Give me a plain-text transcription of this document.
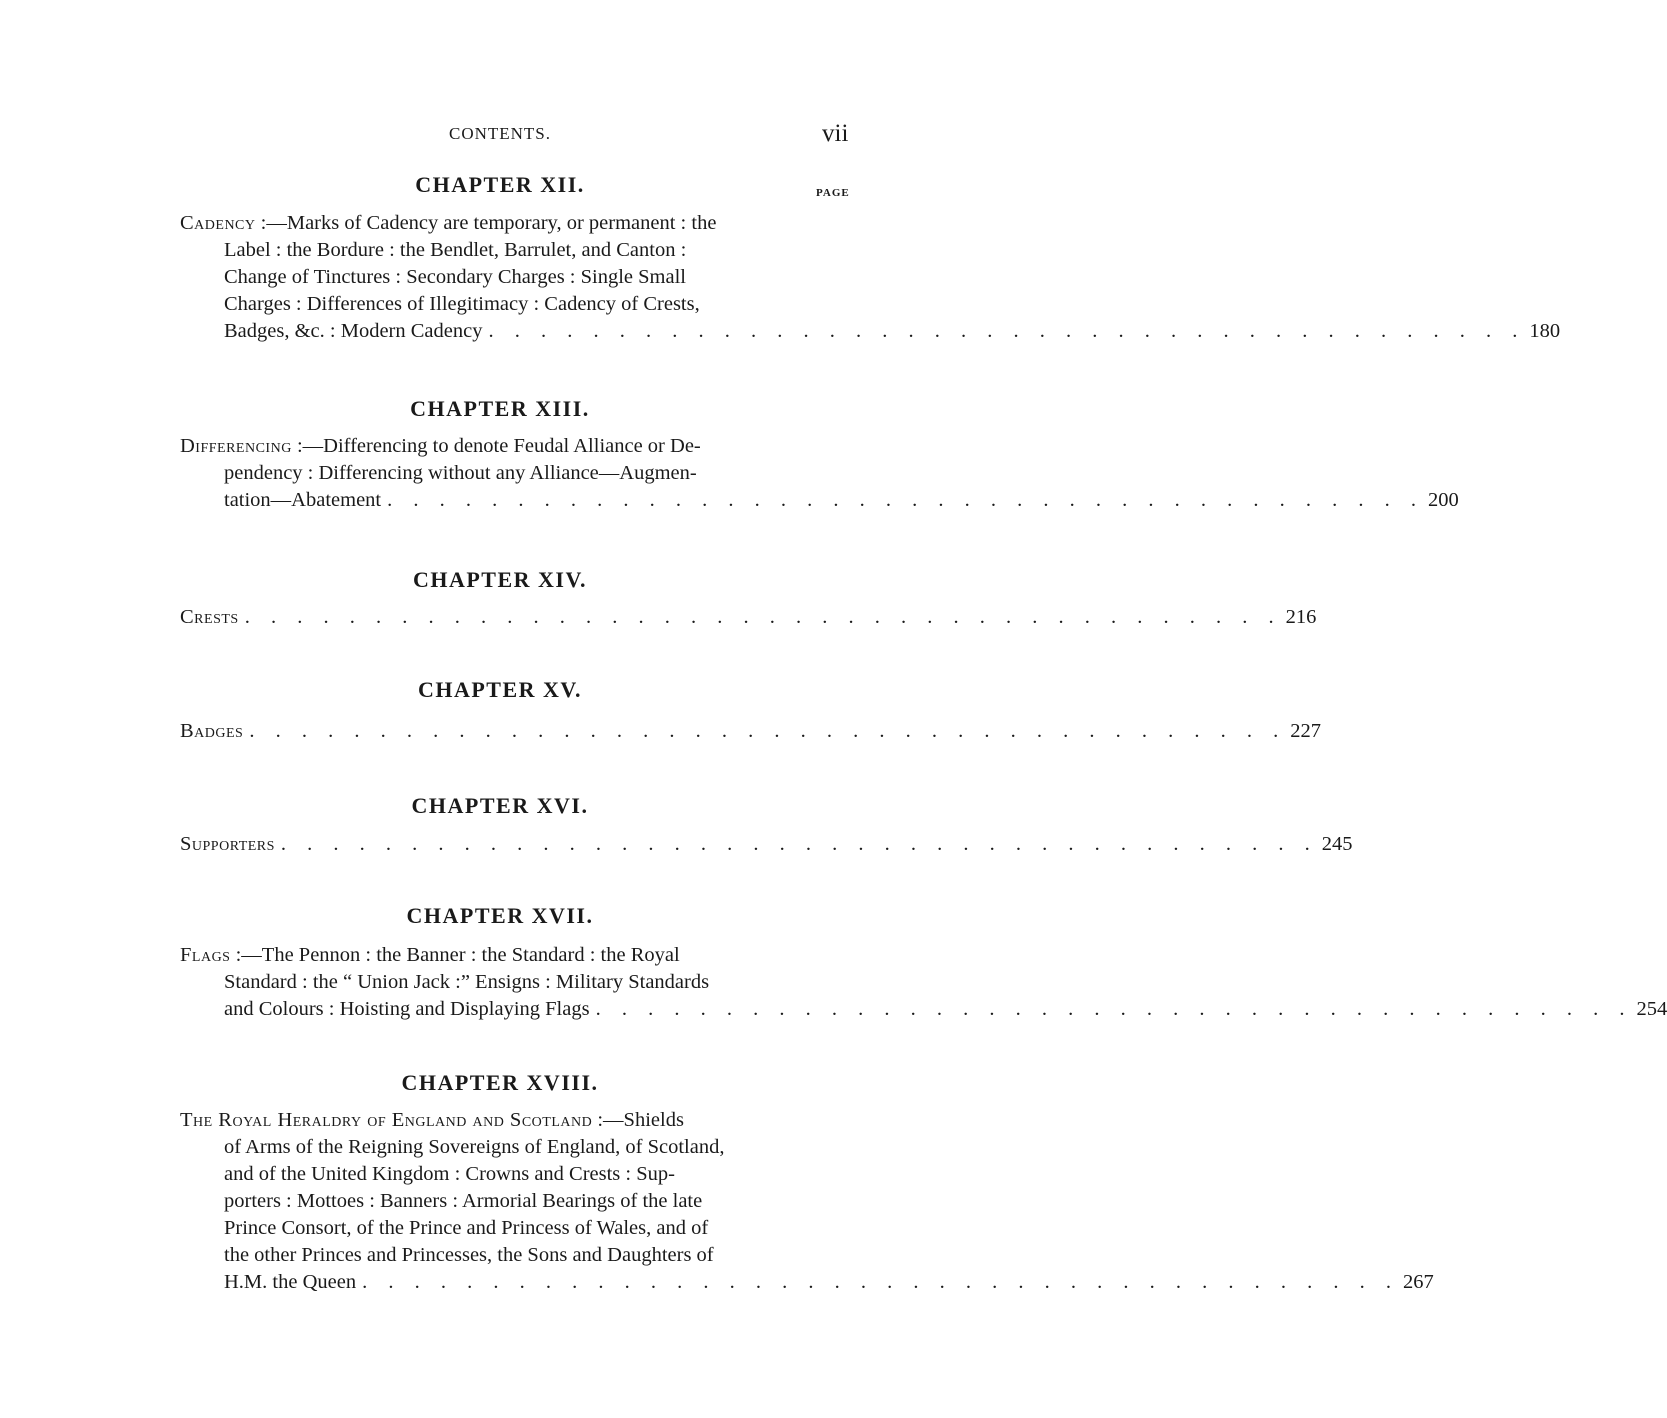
CONTENTS.	vii
PAGE
CHAPTER XII.
Cadency :—Marks of Cadency are temporary, or permanent : the
Label : the Bordure : the Bendlet, Barrulet, and Canton :
Change of Tinctures : Secondary Charges : Single Small
Charges : Differences of Illegitimacy : Cadency of Crests,
Badges, &c. : Modern Cadency . . . . . . . . . . . . . . . . . . . . . . . . . . . . . . . . . . . . . . . . 180
CHAPTER XIII.
Differencing :—Differencing to denote Feudal Alliance or De-
pendency : Differencing without any Alliance—Augmen-
tation—Abatement . . . . . . . . . . . . . . . . . . . . . . . . . . . . . . . . . . . . . . . . 200
CHAPTER XIV.
Crests . . . . . . . . . . . . . . . . . . . . . . . . . . . . . . . . . . . . . . . . 216
CHAPTER XV.
Badges . . . . . . . . . . . . . . . . . . . . . . . . . . . . . . . . . . . . . . . . 227
CHAPTER XVI.
Supporters . . . . . . . . . . . . . . . . . . . . . . . . . . . . . . . . . . . . . . . . 245
CHAPTER XVII.
Flags :—The Pennon : the Banner : the Standard : the Royal
Standard : the “ Union Jack :” Ensigns : Military Standards
and Colours : Hoisting and Displaying Flags . . . . . . . . . . . . . . . . . . . . . . . . . . . . . . . . . . . . . . . . 254
CHAPTER XVIII.
The Royal Heraldry of England and Scotland :—Shields
of Arms of the Reigning Sovereigns of England, of Scotland,
and of the United Kingdom : Crowns and Crests : Sup-
porters : Mottoes : Banners : Armorial Bearings of the late
Prince Consort, of the Prince and Princess of Wales, and of
the other Princes and Princesses, the Sons and Daughters of
H.M. the Queen . . . . . . . . . . . . . . . . . . . . . . . . . . . . . . . . . . . . . . . . 267
